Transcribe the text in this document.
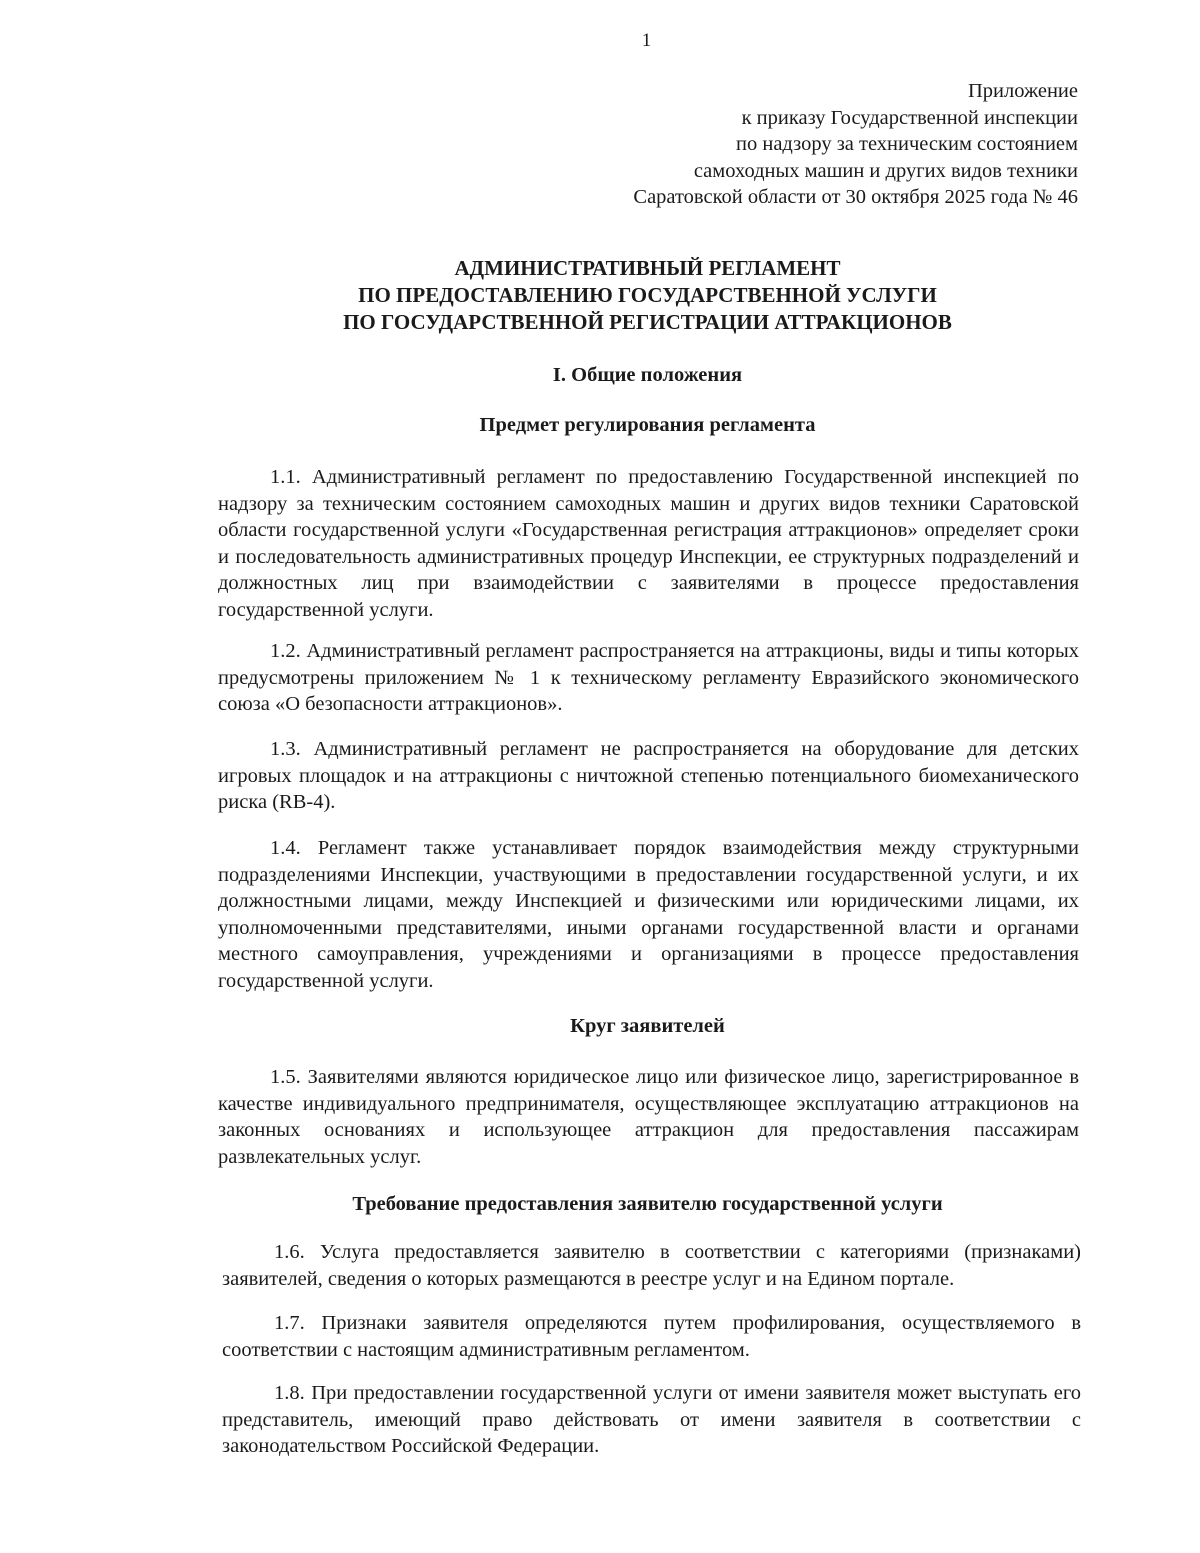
1
Приложение
к приказу Государственной инспекции
по надзору за техническим состоянием
самоходных машин и других видов техники
Саратовской области от 30 октября 2025 года № 46
АДМИНИСТРАТИВНЫЙ РЕГЛАМЕНТ
ПО ПРЕДОСТАВЛЕНИЮ ГОСУДАРСТВЕННОЙ УСЛУГИ
ПО ГОСУДАРСТВЕННОЙ РЕГИСТРАЦИИ АТТРАКЦИОНОВ
I. Общие положения
Предмет регулирования регламента
1.1. Административный регламент по предоставлению Государственной инспекцией по надзору за техническим состоянием самоходных машин и других видов техники Саратовской области государственной услуги «Государственная регистрация аттракционов» определяет сроки и последовательность административных процедур Инспекции, ее структурных подразделений и должностных лиц при взаимодействии с заявителями в процессе предоставления государственной услуги.
1.2. Административный регламент распространяется на аттракционы, виды и типы которых предусмотрены приложением № 1 к техническому регламенту Евразийского экономического союза «О безопасности аттракционов».
1.3. Административный регламент не распространяется на оборудование для детских игровых площадок и на аттракционы с ничтожной степенью потенциального биомеханического риска (RB-4).
1.4. Регламент также устанавливает порядок взаимодействия между структурными подразделениями Инспекции, участвующими в предоставлении государственной услуги, и их должностными лицами, между Инспекцией и физическими или юридическими лицами, их уполномоченными представителями, иными органами государственной власти и органами местного самоуправления, учреждениями и организациями в процессе предоставления государственной услуги.
Круг заявителей
1.5. Заявителями являются юридическое лицо или физическое лицо, зарегистрированное в качестве индивидуального предпринимателя, осуществляющее эксплуатацию аттракционов на законных основаниях и использующее аттракцион для предоставления пассажирам развлекательных услуг.
Требование предоставления заявителю государственной услуги
1.6. Услуга предоставляется заявителю в соответствии с категориями (признаками) заявителей, сведения о которых размещаются в реестре услуг и на Едином портале.
1.7. Признаки заявителя определяются путем профилирования, осуществляемого в соответствии с настоящим административным регламентом.
1.8. При предоставлении государственной услуги от имени заявителя может выступать его представитель, имеющий право действовать от имени заявителя в соответствии с законодательством Российской Федерации.
